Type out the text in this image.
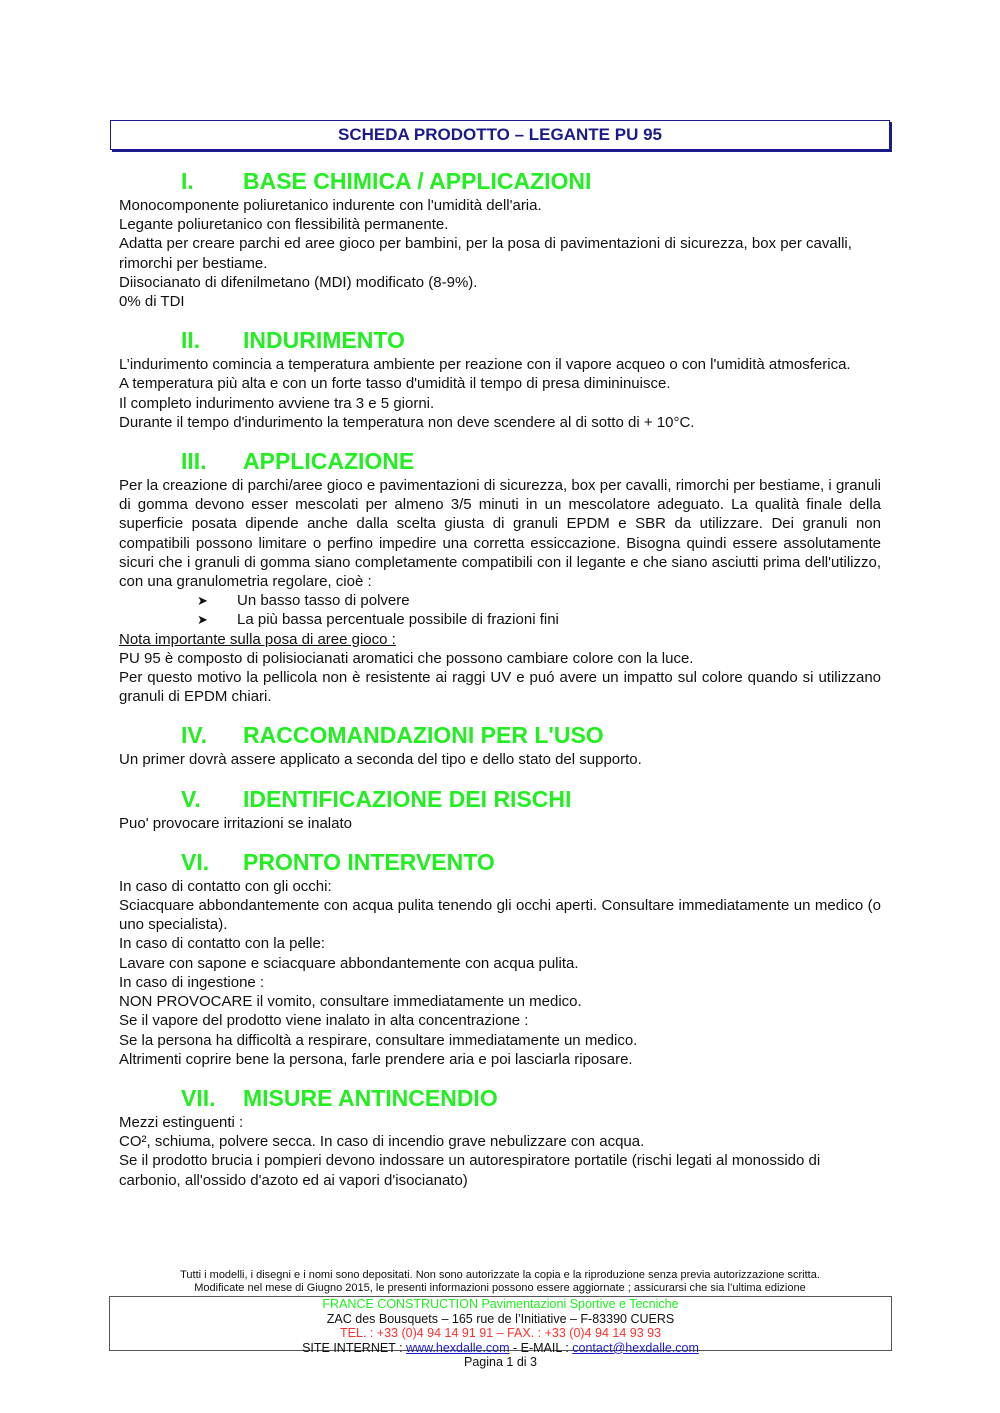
SCHEDA PRODOTTO – LEGANTE PU 95
I.	BASE CHIMICA / APPLICAZIONI

Monocomponente poliuretanico indurente con l'umidità dell'aria.

Legante poliuretanico con flessibilità permanente.

Adatta per creare parchi ed aree gioco per bambini, per la posa di pavimentazioni di sicurezza, box per cavalli, rimorchi per bestiame.

Diisocianato di difenilmetano (MDI) modificato (8-9%).

0% di TDI

II.	INDURIMENTO

L’indurimento comincia a temperatura ambiente per reazione con il vapore acqueo o con l'umidità atmosferica.

A temperatura più alta e con un forte tasso d'umidità il tempo di presa dimininuisce.

Il completo indurimento avviene tra 3 e 5 giorni.

Durante il tempo d'indurimento la temperatura non deve scendere al di sotto di + 10°C.

III.	APPLICAZIONE

Per la creazione di parchi/aree gioco e pavimentazioni di sicurezza, box per cavalli, rimorchi per bestiame, i granuli di gomma devono esser mescolati per almeno 3/5 minuti in un mescolatore adeguato. La qualità finale della superficie posata dipende anche dalla scelta giusta di granuli EPDM e SBR da utilizzare. Dei granuli non compatibili possono limitare o perfino impedire una corretta essiccazione. Bisogna quindi essere assolutamente sicuri che i granuli di gomma siano completamente compatibili con il legante e che siano asciutti prima dell'utilizzo, con una granulometria regolare, cioè :

➤ Un basso tasso di polvere
➤ La più bassa percentuale possibile di frazioni fini

Nota importante sulla posa di aree gioco :

PU 95 è composto di polisiocianati aromatici che possono cambiare colore con la luce.

Per questo motivo la pellicola non è resistente ai raggi UV e puó avere un impatto sul colore quando si utilizzano granuli di EPDM chiari.

IV.	RACCOMANDAZIONI PER L'USO

Un primer dovrà assere applicato a seconda del tipo e dello stato del supporto.

V.	IDENTIFICAZIONE DEI RISCHI

Puo' provocare irritazioni se inalato

VI.	PRONTO INTERVENTO

In caso di contatto con gli occhi:

Sciacquare abbondantemente con acqua pulita tenendo gli occhi aperti. Consultare immediatamente un medico (o uno specialista).

In caso di contatto con la pelle:

Lavare con sapone e sciacquare abbondantemente con acqua pulita.

In caso di ingestione :

NON PROVOCARE il vomito, consultare immediatamente un medico.

Se il vapore del prodotto viene inalato in alta concentrazione :

Se la persona ha difficoltà a respirare, consultare immediatamente un medico.

Altrimenti coprire bene la persona, farle prendere aria e poi lasciarla riposare.

VII.	MISURE ANTINCENDIO

Mezzi estinguenti :

CO², schiuma, polvere secca. In caso di incendio grave nebulizzare con acqua.

Se il prodotto brucia i pompieri devono indossare un autorespiratore portatile (rischi legati al monossido di carbonio, all'ossido d'azoto ed ai vapori d'isocianato)

Tutti i modelli, i disegni e i nomi sono depositati. Non sono autorizzate la copia e la riproduzione senza previa autorizzazione scritta.
Modificate nel mese di Giugno 2015, le presenti informazioni possono essere aggiornate ; assicurarsi che sia l’ultima edizione
FRANCE CONSTRUCTION Pavimentazioni Sportive e Tecniche
ZAC des Bousquets – 165 rue de l’Initiative – F-83390 CUERS
TEL. : +33 (0)4 94 14 91 91 – FAX. : +33 (0)4 94 14 93 93
SITE INTERNET : www.hexdalle.com - E-MAIL : contact@hexdalle.com
Pagina 1 di 3
